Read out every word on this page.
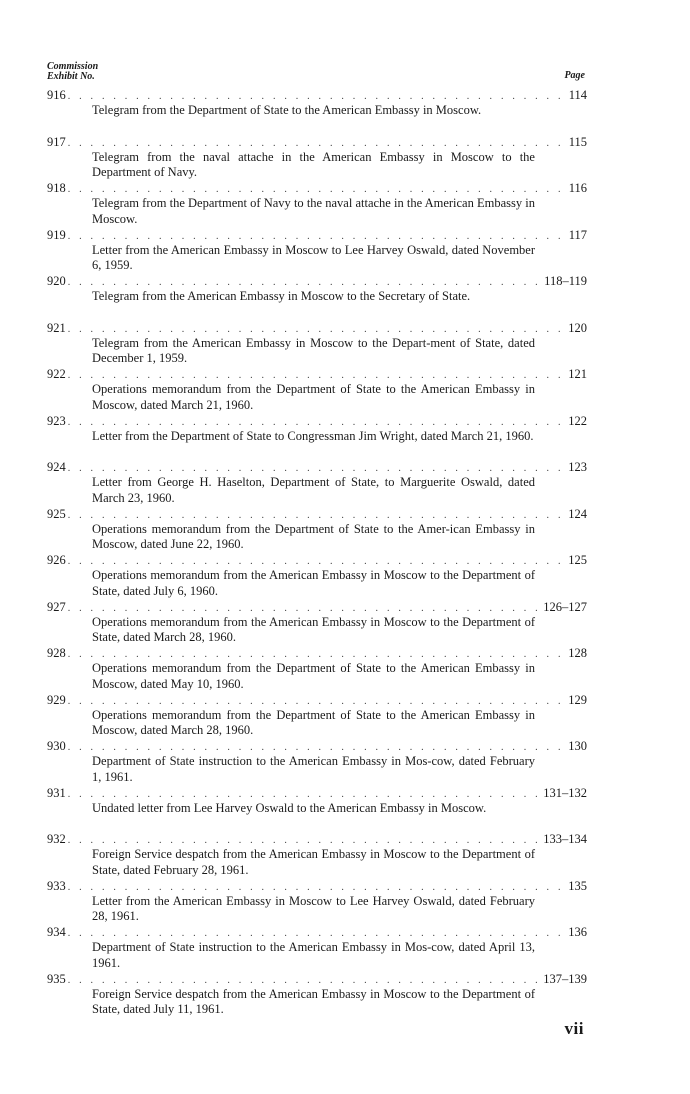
Commission
Exhibit No.	Page
916 . . .	114
Telegram from the Department of State to the American Embassy in Moscow.
917 . . .	115
Telegram from the naval attache in the American Embassy in Moscow to the Department of Navy.
918 . . .	116
Telegram from the Department of Navy to the naval attache in the American Embassy in Moscow.
919 . . .	117
Letter from the American Embassy in Moscow to Lee Harvey Oswald, dated November 6, 1959.
920 . . .	118–119
Telegram from the American Embassy in Moscow to the Secretary of State.
921 . . .	120
Telegram from the American Embassy in Moscow to the Depart-ment of State, dated December 1, 1959.
922 . . .	121
Operations memorandum from the Department of State to the American Embassy in Moscow, dated March 21, 1960.
923 . . .	122
Letter from the Department of State to Congressman Jim Wright, dated March 21, 1960.
924 . . .	123
Letter from George H. Haselton, Department of State, to Marguerite Oswald, dated March 23, 1960.
925 . . .	124
Operations memorandum from the Department of State to the Amer-ican Embassy in Moscow, dated June 22, 1960.
926 . . .	125
Operations memorandum from the American Embassy in Moscow to the Department of State, dated July 6, 1960.
927 . . .	126–127
Operations memorandum from the American Embassy in Moscow to the Department of State, dated March 28, 1960.
928 . . .	128
Operations memorandum from the Department of State to the American Embassy in Moscow, dated May 10, 1960.
929 . . .	129
Operations memorandum from the Department of State to the American Embassy in Moscow, dated March 28, 1960.
930 . . .	130
Department of State instruction to the American Embassy in Mos-cow, dated February 1, 1961.
931 . . .	131–132
Undated letter from Lee Harvey Oswald to the American Embassy in Moscow.
932 . . .	133–134
Foreign Service despatch from the American Embassy in Moscow to the Department of State, dated February 28, 1961.
933 . . .	135
Letter from the American Embassy in Moscow to Lee Harvey Oswald, dated February 28, 1961.
934 . . .	136
Department of State instruction to the American Embassy in Mos-cow, dated April 13, 1961.
935 . . .	137–139
Foreign Service despatch from the American Embassy in Moscow to the Department of State, dated July 11, 1961.
vii
